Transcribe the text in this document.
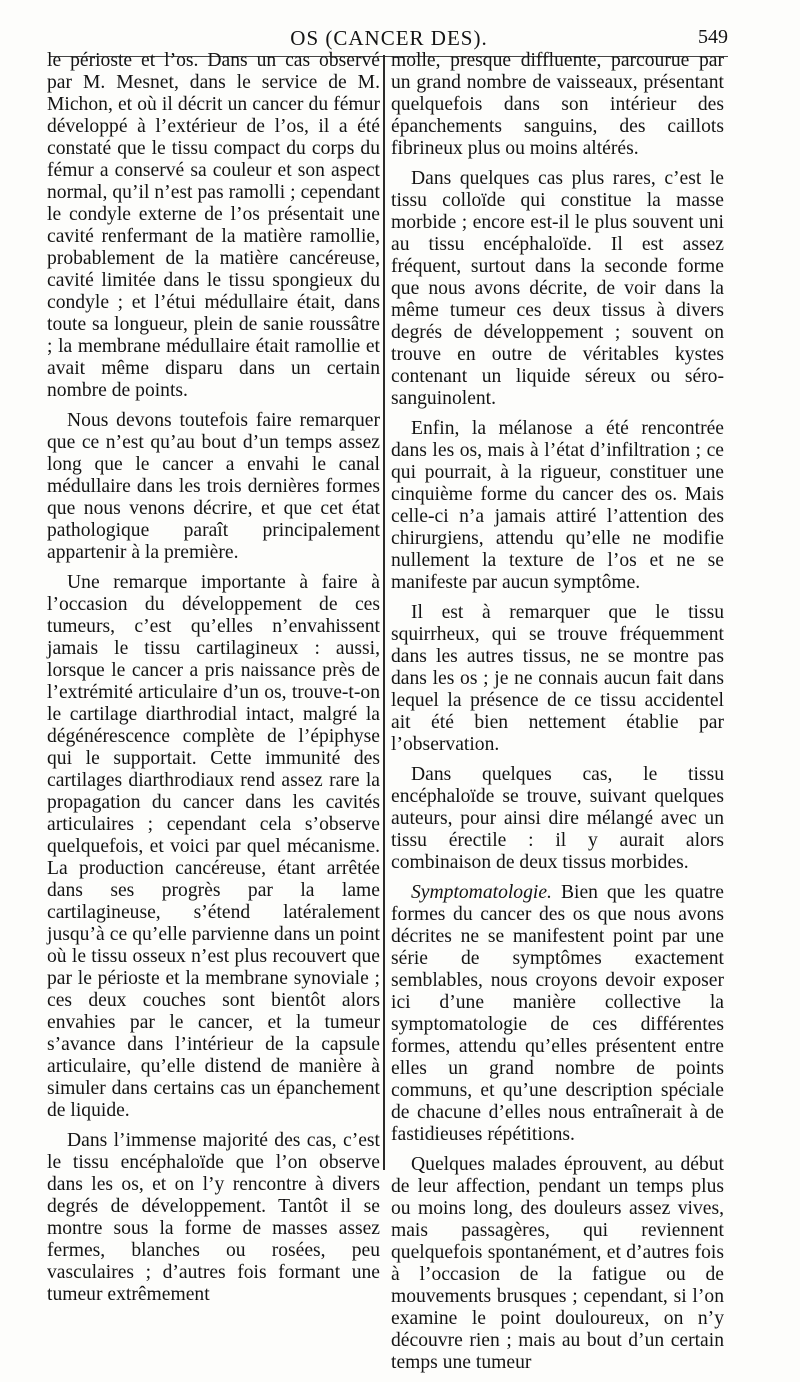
OS (CANCER DES).	549

le périoste et l’os. Dans un cas observé par M. Mesnet, dans le service de M. Michon, et où il décrit un cancer du fémur développé à l’extérieur de l’os, il a été constaté que le tissu compact du corps du fémur a conservé sa couleur et son aspect normal, qu’il n’est pas ramolli ; cependant le condyle externe de l’os présentait une cavité renfermant de la matière ramollie, probablement de la matière cancéreuse, cavité limitée dans le tissu spongieux du condyle ; et l’étui médullaire était, dans toute sa longueur, plein de sanie roussâtre ; la membrane médullaire était ramollie et avait même disparu dans un certain nombre de points.

Nous devons toutefois faire remarquer que ce n’est qu’au bout d’un temps assez long que le cancer a envahi le canal médullaire dans les trois dernières formes que nous venons décrire, et que cet état pathologique paraît principalement appartenir à la première.

Une remarque importante à faire à l’occasion du développement de ces tumeurs, c’est qu’elles n’envahissent jamais le tissu cartilagineux : aussi, lorsque le cancer a pris naissance près de l’extrémité articulaire d’un os, trouve-t-on le cartilage diarthrodial intact, malgré la dégénérescence complète de l’épiphyse qui le supportait. Cette immunité des cartilages diarthrodiaux rend assez rare la propagation du cancer dans les cavités articulaires ; cependant cela s’observe quelquefois, et voici par quel mécanisme. La production cancéreuse, étant arrêtée dans ses progrès par la lame cartilagineuse, s’étend latéralement jusqu’à ce qu’elle parvienne dans un point où le tissu osseux n’est plus recouvert que par le périoste et la membrane synoviale ; ces deux couches sont bientôt alors envahies par le cancer, et la tumeur s’avance dans l’intérieur de la capsule articulaire, qu’elle distend de manière à simuler dans certains cas un épanchement de liquide.

Dans l’immense majorité des cas, c’est le tissu encéphaloïde que l’on observe dans les os, et on l’y rencontre à divers degrés de développement. Tantôt il se montre sous la forme de masses assez fermes, blanches ou rosées, peu vasculaires ; d’autres fois formant une tumeur extrêmement

molle, presque diffluente, parcourue par un grand nombre de vaisseaux, présentant quelquefois dans son intérieur des épanchements sanguins, des caillots fibrineux plus ou moins altérés.

Dans quelques cas plus rares, c’est le tissu colloïde qui constitue la masse morbide ; encore est-il le plus souvent uni au tissu encéphaloïde. Il est assez fréquent, surtout dans la seconde forme que nous avons décrite, de voir dans la même tumeur ces deux tissus à divers degrés de développement ; souvent on trouve en outre de véritables kystes contenant un liquide séreux ou séro-sanguinolent.

Enfin, la mélanose a été rencontrée dans les os, mais à l’état d’infiltration ; ce qui pourrait, à la rigueur, constituer une cinquième forme du cancer des os. Mais celle-ci n’a jamais attiré l’attention des chirurgiens, attendu qu’elle ne modifie nullement la texture de l’os et ne se manifeste par aucun symptôme.

Il est à remarquer que le tissu squirrheux, qui se trouve fréquemment dans les autres tissus, ne se montre pas dans les os ; je ne connais aucun fait dans lequel la présence de ce tissu accidentel ait été bien nettement établie par l’observation.

Dans quelques cas, le tissu encéphaloïde se trouve, suivant quelques auteurs, pour ainsi dire mélangé avec un tissu érectile : il y aurait alors combinaison de deux tissus morbides.

Symptomatologie. Bien que les quatre formes du cancer des os que nous avons décrites ne se manifestent point par une série de symptômes exactement semblables, nous croyons devoir exposer ici d’une manière collective la symptomatologie de ces différentes formes, attendu qu’elles présentent entre elles un grand nombre de points communs, et qu’une description spéciale de chacune d’elles nous entraînerait à de fastidieuses répétitions.

Quelques malades éprouvent, au début de leur affection, pendant un temps plus ou moins long, des douleurs assez vives, mais passagères, qui reviennent quelquefois spontanément, et d’autres fois à l’occasion de la fatigue ou de mouvements brusques ; cependant, si l’on examine le point douloureux, on n’y découvre rien ; mais au bout d’un certain temps une tumeur
